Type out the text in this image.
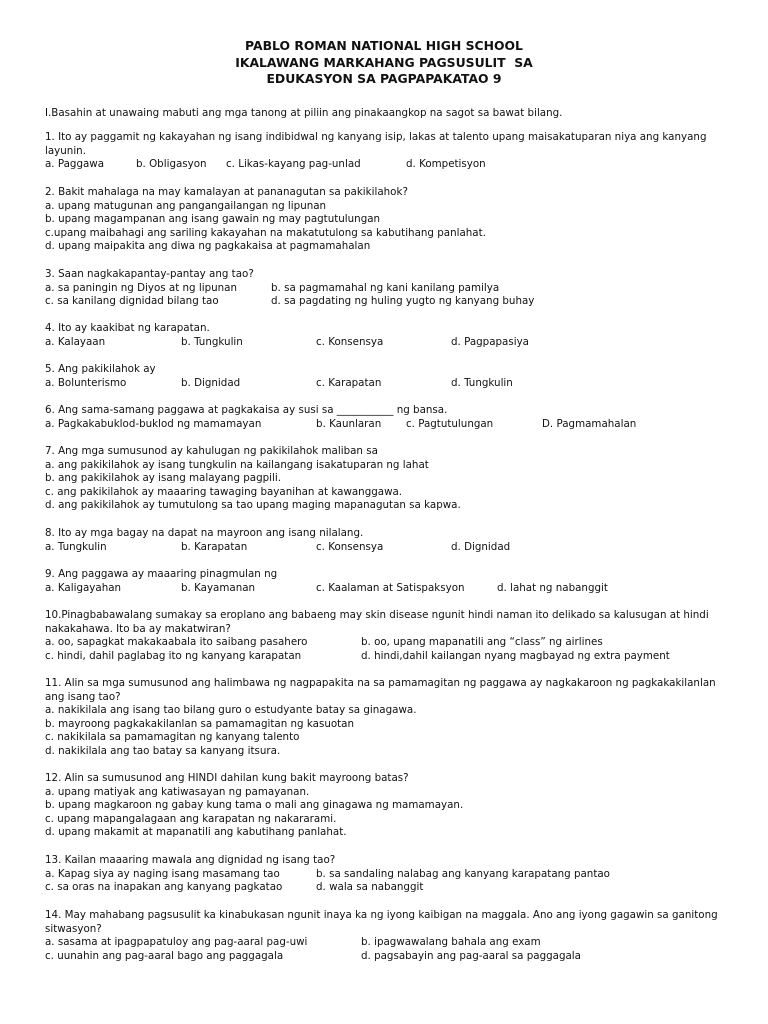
PABLO ROMAN NATIONAL HIGH SCHOOL
IKALAWANG MARKAHANG PAGSUSULIT  SA
EDUKASYON SA PAGPAPAKATAO 9
I.Basahin at unawaing mabuti ang mga tanong at piliin ang pinakaangkop na sagot sa bawat bilang.
1. Ito ay paggamit ng kakayahan ng isang indibidwal ng kanyang isip, lakas at talento upang maisakatuparan niya ang kanyang layunin.
a. Paggawa	b. Obligasyon c. Likas-kayang pag-unlad	d. Kompetisyon
2. Bakit mahalaga na may kamalayan at pananagutan sa pakikilahok?
a. upang matugunan ang pangangailangan ng lipunan
b. upang magampanan ang isang gawain ng may pagtutulungan
c.upang maibahagi ang sariling kakayahan na makatutulong sa kabutihang panlahat.
d. upang maipakita ang diwa ng pagkakaisa at pagmamahalan
3. Saan nagkakapantay-pantay ang tao?
a. sa paningin ng Diyos at ng lipunan	b. sa pagmamahal ng kani kanilang pamilya
c. sa kanilang dignidad bilang tao	d. sa pagdating ng huling yugto ng kanyang buhay
4. Ito ay kaakibat ng karapatan.
a. Kalayaan	b. Tungkulin	c. Konsensya	d. Pagpapasiya
5. Ang pakikilahok ay
a. Bolunterismo	b. Dignidad	c. Karapatan	d. Tungkulin
6. Ang sama-samang paggawa at pagkakaisa ay susi sa ___________ ng bansa.
a. Pagkakabuklod-buklod ng mamamayan	b. Kaunlaran c. Pagtutulungan	D. Pagmamahalan
7. Ang mga sumusunod ay kahulugan ng pakikilahok maliban sa
a. ang pakikilahok ay isang tungkulin na kailangang isakatuparan ng lahat
b. ang pakikilahok ay isang malayang pagpili.
c. ang pakikilahok ay maaaring tawaging bayanihan at kawanggawa.
d. ang pakikilahok ay tumutulong sa tao upang maging mapanagutan sa kapwa.
8. Ito ay mga bagay na dapat na mayroon ang isang nilalang.
a. Tungkulin	b. Karapatan	c. Konsensya	d. Dignidad
9. Ang paggawa ay maaaring pinagmulan ng
a. Kaligayahan	b. Kayamanan	c. Kaalaman at Satispaksyon	d. lahat ng nabanggit
10.Pinagbabawalang sumakay sa eroplano ang babaeng may skin disease ngunit hindi naman ito delikado sa kalusugan at hindi nakakahawa. Ito ba ay makatwiran?
a. oo, sapagkat makakaabala ito saibang pasahero	b. oo, upang mapanatili ang “class” ng airlines
c. hindi, dahil paglabag ito ng kanyang karapatan	d. hindi,dahil kailangan nyang magbayad ng extra payment
11. Alin sa mga sumusunod ang halimbawa ng nagpapakita na sa pamamagitan ng paggawa ay nagkakaroon ng pagkakakilanlan ang isang tao?
a. nakikilala ang isang tao bilang guro o estudyante batay sa ginagawa.
b. mayroong pagkakakilanlan sa pamamagitan ng kasuotan
c. nakikilala sa pamamagitan ng kanyang talento
d. nakikilala ang tao batay sa kanyang itsura.
12. Alin sa sumusunod ang HINDI dahilan kung bakit mayroong batas?
a. upang matiyak ang katiwasayan ng pamayanan.
b. upang magkaroon ng gabay kung tama o mali ang ginagawa ng mamamayan.
c. upang mapangalagaan ang karapatan ng nakararami.
d. upang makamit at mapanatili ang kabutihang panlahat.
13. Kailan maaaring mawala ang dignidad ng isang tao?
a. Kapag siya ay naging isang masamang tao	b. sa sandaling nalabag ang kanyang karapatang pantao
c. sa oras na inapakan ang kanyang pagkatao	d. wala sa nabanggit
14. May mahabang pagsusulit ka kinabukasan ngunit inaya ka ng iyong kaibigan na maggala. Ano ang iyong gagawin sa ganitong sitwasyon?
a. sasama at ipagpapatuloy ang pag-aaral pag-uwi	b. ipagwawalang bahala ang exam
c. uunahin ang pag-aaral bago ang paggagala	d. pagsabayin ang pag-aaral sa paggagala
